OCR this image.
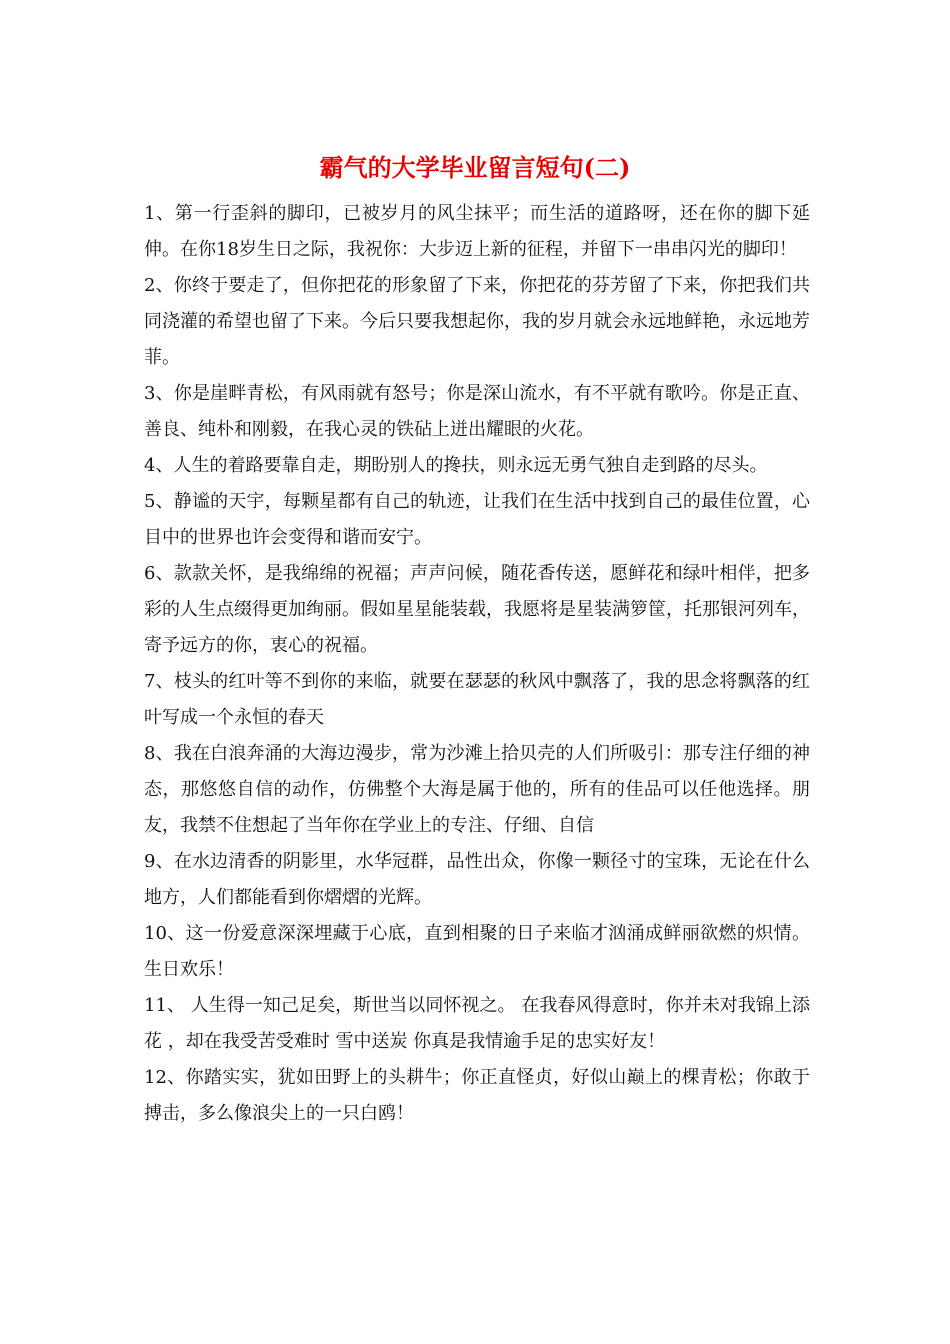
霸气的大学毕业留言短句(二)

1、第一行歪斜的脚印，已被岁月的风尘抹平；而生活的道路呀，还在你的脚下延伸。在你18岁生日之际，我祝你：大步迈上新的征程，并留下一串串闪光的脚印！

2、你终于要走了，但你把花的形象留了下来，你把花的芬芳留了下来，你把我们共同浇灌的希望也留了下来。今后只要我想起你，我的岁月就会永远地鲜艳，永远地芳菲。

3、你是崖畔青松，有风雨就有怒号；你是深山流水，有不平就有歌吟。你是正直、善良、纯朴和刚毅，在我心灵的铁砧上迸出耀眼的火花。

4、人生的着路要靠自走，期盼别人的搀扶，则永远无勇气独自走到路的尽头。

5、静谧的天宇，每颗星都有自己的轨迹，让我们在生活中找到自己的最佳位置，心目中的世界也许会变得和谐而安宁。

6、款款关怀，是我绵绵的祝福；声声问候，随花香传送，愿鲜花和绿叶相伴，把多彩的人生点缀得更加绚丽。假如星星能装载，我愿将是星装满箩筐，托那银河列车，寄予远方的你，衷心的祝福。

7、枝头的红叶等不到你的来临，就要在瑟瑟的秋风中飘落了，我的思念将飘落的红叶写成一个永恒的春天

8、我在白浪奔涌的大海边漫步，常为沙滩上拾贝壳的人们所吸引：那专注仔细的神态，那悠悠自信的动作，仿佛整个大海是属于他的，所有的佳品可以任他选择。朋友，我禁不住想起了当年你在学业上的专注、仔细、自信

9、在水边清香的阴影里，水华冠群，品性出众，你像一颗径寸的宝珠，无论在什么地方，人们都能看到你熠熠的光辉。

10、这一份爱意深深埋藏于心底，直到相聚的日子来临才汹涌成鲜丽欲燃的炽情。生日欢乐！

11、 人生得一知己足矣，斯世当以同怀视之。 在我春风得意时，你并未对我锦上添花 ，却在我受苦受难时 雪中送炭 你真是我情逾手足的忠实好友！

12、你踏实实，犹如田野上的头耕牛；你正直怪贞，好似山巅上的棵青松；你敢于搏击，多么像浪尖上的一只白鸥！
